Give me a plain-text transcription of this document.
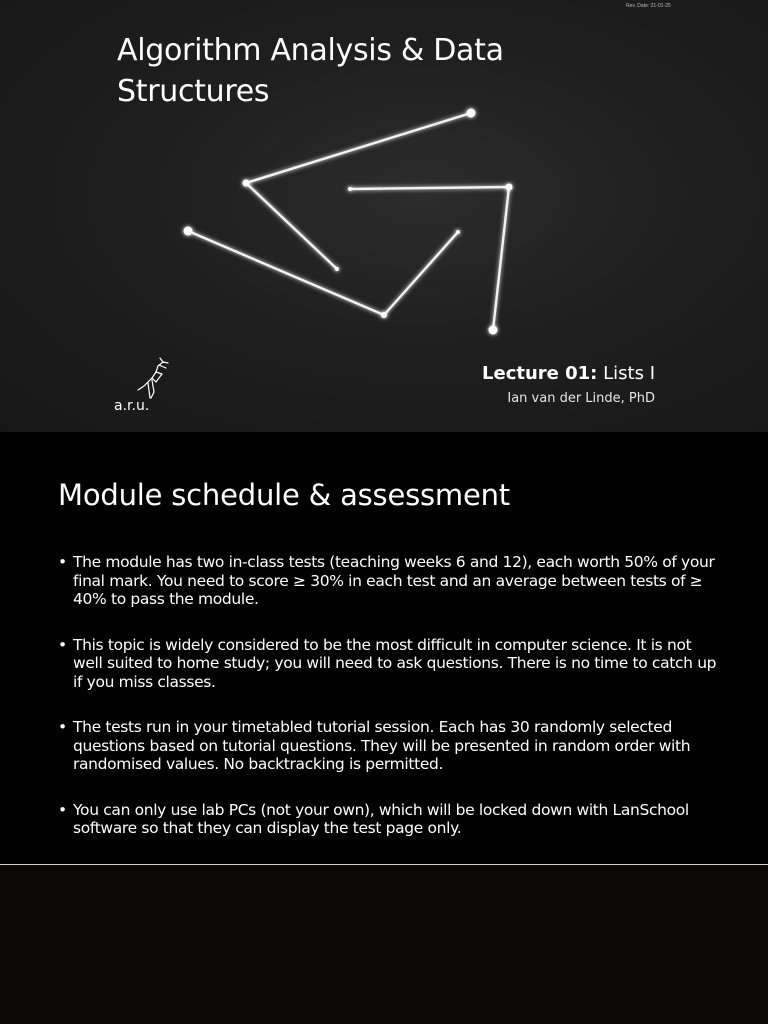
Rev. Date: 21-01-25
Algorithm Analysis & Data Structures
a.r.u.
Lecture 01: Lists I
Ian van der Linde, PhD
Module schedule & assessment
• The module has two in-class tests (teaching weeks 6 and 12), each worth 50% of your final mark. You need to score ≥ 30% in each test and an average between tests of ≥ 40% to pass the module.
• This topic is widely considered to be the most difficult in computer science. It is not well suited to home study; you will need to ask questions. There is no time to catch up if you miss classes.
• The tests run in your timetabled tutorial session. Each has 30 randomly selected questions based on tutorial questions. They will be presented in random order with randomised values. No backtracking is permitted.
• You can only use lab PCs (not your own), which will be locked down with LanSchool software so that they can display the test page only.
